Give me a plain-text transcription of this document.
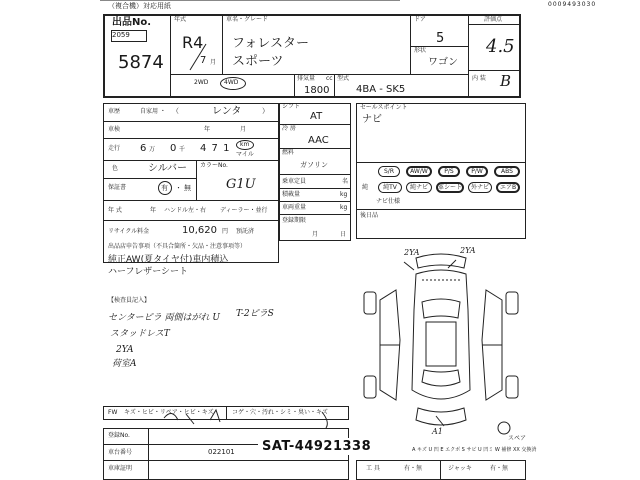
（複合機）対応用紙	0009493030
出品No.
2059
5874
年式
R4
7 月
車名・グレード
フォレスター
スポーツ
ドア
5
形状
ワゴン
評価点
4.5
内 装 B
2WD	4WD
排気量 cc
1800
型式
4BA - SK5
車歴	自家用 ・ （	レンタ	）
車検	年	月
走行 6 万 0 千 4 7 1 km
マイル
色	シルバー カラーNo.
G1U
保証書	有 ・ 無
年 式	年 ハンドル 左・右 ディーラー・並行
リサイクル料金	10,620 円 預託済
シフト
AT
冷 房
AAC
燃料
ガソリン
乗車定員	名
積載量	kg
車両重量	kg
登録期限
月	日
セールスポイント
ナビ
S/R	AW/W	P/S	P/W	ABS
純	純TV	純ナビ	革シート	外ナビ	エアB
ナビ仕様
後日品
出品店申告事項（不具合箇所・欠品・注意事項等）
純正AW(夏タイヤ付)車内積込
ハーフレザーシート
【検査員記入】
センターピラ 両側はがれ U T-2ピラS
スタッドレスT
2YA
荷室A
2YA	2YA
A1
スペア
A キズ U 凹 E エクボ S サビ U 凹ミ W 補修 XX 交換済
FW キズ・ヒビ・リペア・ヒビ・キズ	コゲ・穴・汚れ・シミ・臭い・キズ
登録No.
車台番号	022101
車庫証明	工 具	有・無	ジャッキ	有・無
SAT-44921338
